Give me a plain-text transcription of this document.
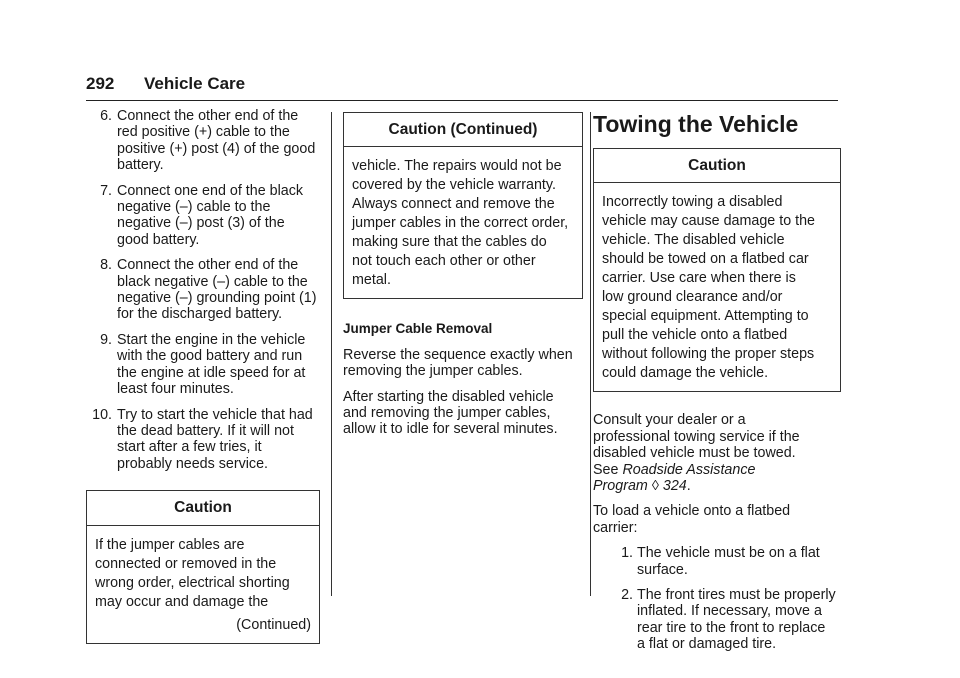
292 Vehicle Care
6. Connect the other end of the
red positive (+) cable to the
positive (+) post (4) of the good
battery.
7. Connect one end of the black
negative (–) cable to the
negative (–) post (3) of the
good battery.
8. Connect the other end of the
black negative (–) cable to the
negative (–) grounding point (1)
for the discharged battery.
9. Start the engine in the vehicle
with the good battery and run
the engine at idle speed for at
least four minutes.
10. Try to start the vehicle that had
the dead battery. If it will not
start after a few tries, it
probably needs service.
Caution
If the jumper cables are
connected or removed in the
wrong order, electrical shorting
may occur and damage the
(Continued)
Caution (Continued)
vehicle. The repairs would not be
covered by the vehicle warranty.
Always connect and remove the
jumper cables in the correct order,
making sure that the cables do
not touch each other or other
metal.
Jumper Cable Removal
Reverse the sequence exactly when
removing the jumper cables.
After starting the disabled vehicle
and removing the jumper cables,
allow it to idle for several minutes.
Towing the Vehicle
Caution
Incorrectly towing a disabled
vehicle may cause damage to the
vehicle. The disabled vehicle
should be towed on a flatbed car
carrier. Use care when there is
low ground clearance and/or
special equipment. Attempting to
pull the vehicle onto a flatbed
without following the proper steps
could damage the vehicle.
Consult your dealer or a
professional towing service if the
disabled vehicle must be towed.
See Roadside Assistance
Program ◊ 324.
To load a vehicle onto a flatbed
carrier:
1. The vehicle must be on a flat
surface.
2. The front tires must be properly
inflated. If necessary, move a
rear tire to the front to replace
a flat or damaged tire.
